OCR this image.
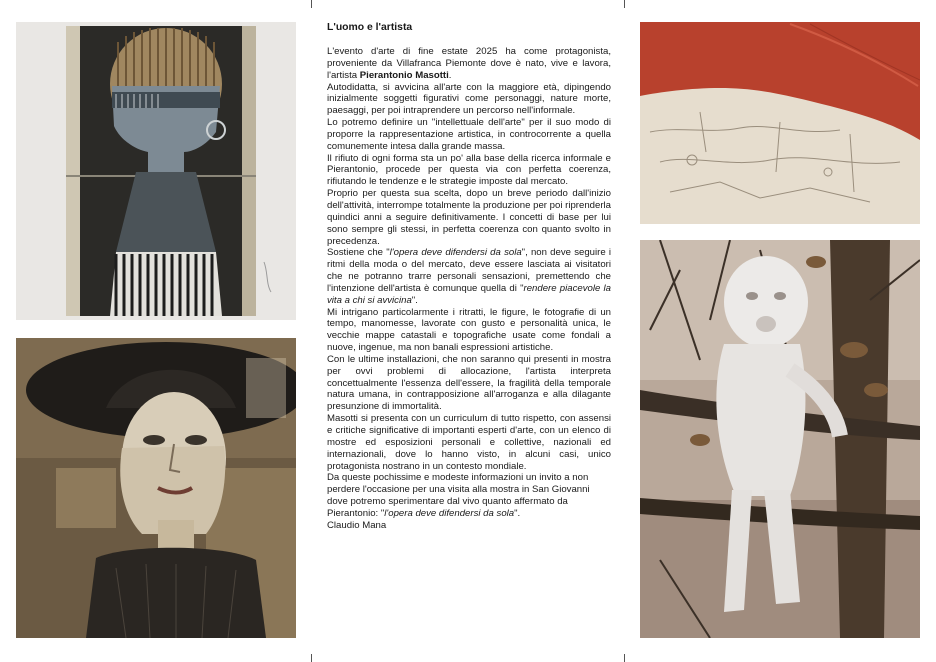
L'uomo e l'artista

L'evento d'arte di fine estate 2025 ha come protagonista, proveniente da Villafranca Piemonte dove è nato, vive e lavora, l'artista Pierantonio Masotti.

Autodidatta, si avvicina all'arte con la maggiore età, dipingendo inizialmente soggetti figurativi come personaggi, nature morte, paesaggi, per poi intraprendere un percorso nell'informale.

Lo potremo definire un "intellettuale dell'arte" per il suo modo di proporre la rappresentazione artistica, in controcorrente a quella comunemente intesa dalla grande massa.

Il rifiuto di ogni forma sta un po' alla base della ricerca informale e Pierantonio, procede per questa via con perfetta coerenza, rifiutando le tendenze e le strategie imposte dal mercato.

Proprio per questa sua scelta, dopo un breve periodo dall'inizio dell'attività, interrompe totalmente la produzione per poi riprenderla quindici anni a seguire definitivamente. I concetti di base per lui sono sempre gli stessi, in perfetta coerenza con quanto svolto in precedenza.

Sostiene che "l'opera deve difendersi da sola", non deve seguire i ritmi della moda o del mercato, deve essere lasciata ai visitatori che ne potranno trarre personali sensazioni, premettendo che l'intenzione dell'artista è comunque quella di "rendere piacevole la vita a chi si avvicina".

Mi intrigano particolarmente i ritratti, le figure, le fotografie di un tempo, manomesse, lavorate con gusto e personalità unica, le vecchie mappe catastali e topografiche usate come fondali a nuove, ingenue, ma non banali espressioni artistiche.

Con le ultime installazioni, che non saranno qui presenti in mostra per ovvi problemi di allocazione, l'artista interpreta concettualmente l'essenza dell'essere, la fragilità della temporale natura umana, in contrapposizione all'arroganza e alla dilagante presunzione di immortalità.

Masotti si presenta con un curriculum di tutto rispetto, con assensi e critiche significative di importanti esperti d'arte, con un elenco di mostre ed esposizioni personali e collettive, nazionali ed internazionali, dove lo hanno visto, in alcuni casi, unico protagonista nostrano in un contesto mondiale.

Da queste pochissime e modeste informazioni un invito a non perdere l'occasione per una visita alla mostra in San Giovanni dove potremo sperimentare dal vivo quanto affermato da Pierantonio: "l'opera deve difendersi da sola".

Claudio Mana
